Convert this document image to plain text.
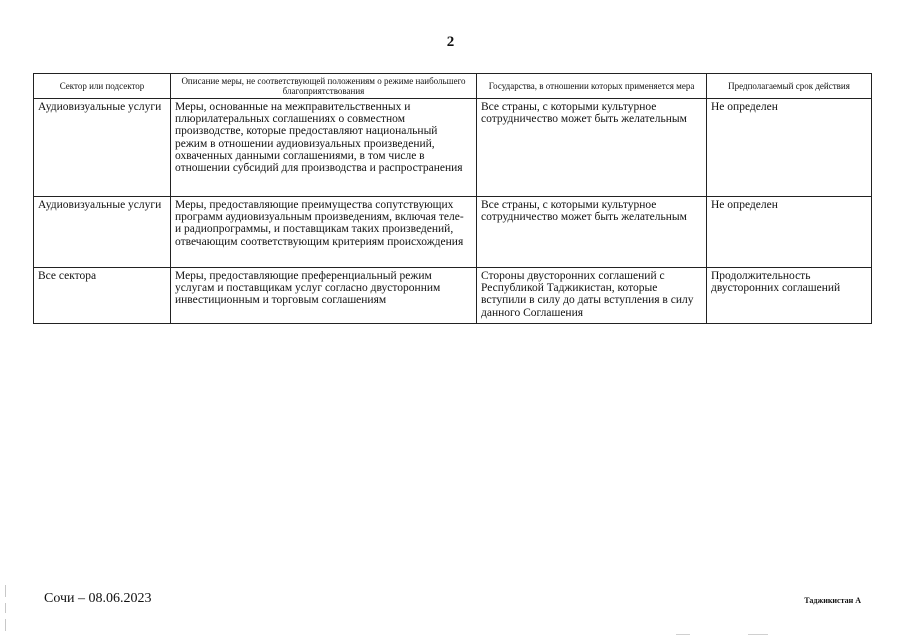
2
Сектор или подсектор	Описание меры, не соответствующей положениям о режиме наибольшего благоприятствования	Государства, в отношении которых применяется мера	Предполагаемый срок действия
Аудиовизуальные услуги	Меры, основанные на межправительственных и плюрилатеральных соглашениях о совместном производстве, которые предоставляют национальный режим в отношении аудиовизуальных произведений, охваченных данными соглашениями, в том числе в отношении субсидий для производства и распространения	Все страны, с которыми культурное сотрудничество может быть желательным	Не определен
Аудиовизуальные услуги	Меры, предоставляющие преимущества сопутствующих программ аудиовизуальным произведениям, включая теле- и радиопрограммы, и поставщикам таких произведений, отвечающим соответствующим критериям происхождения	Все страны, с которыми культурное сотрудничество может быть желательным	Не определен
Все сектора	Меры, предоставляющие преференциальный режим услугам и поставщикам услуг согласно двусторонним инвестиционным и торговым соглашениям	Стороны двусторонних соглашений с Республикой Таджикистан, которые вступили в силу до даты вступления в силу данного Соглашения	Продолжительность двусторонних соглашений
Сочи – 08.06.2023	Таджикистан А
